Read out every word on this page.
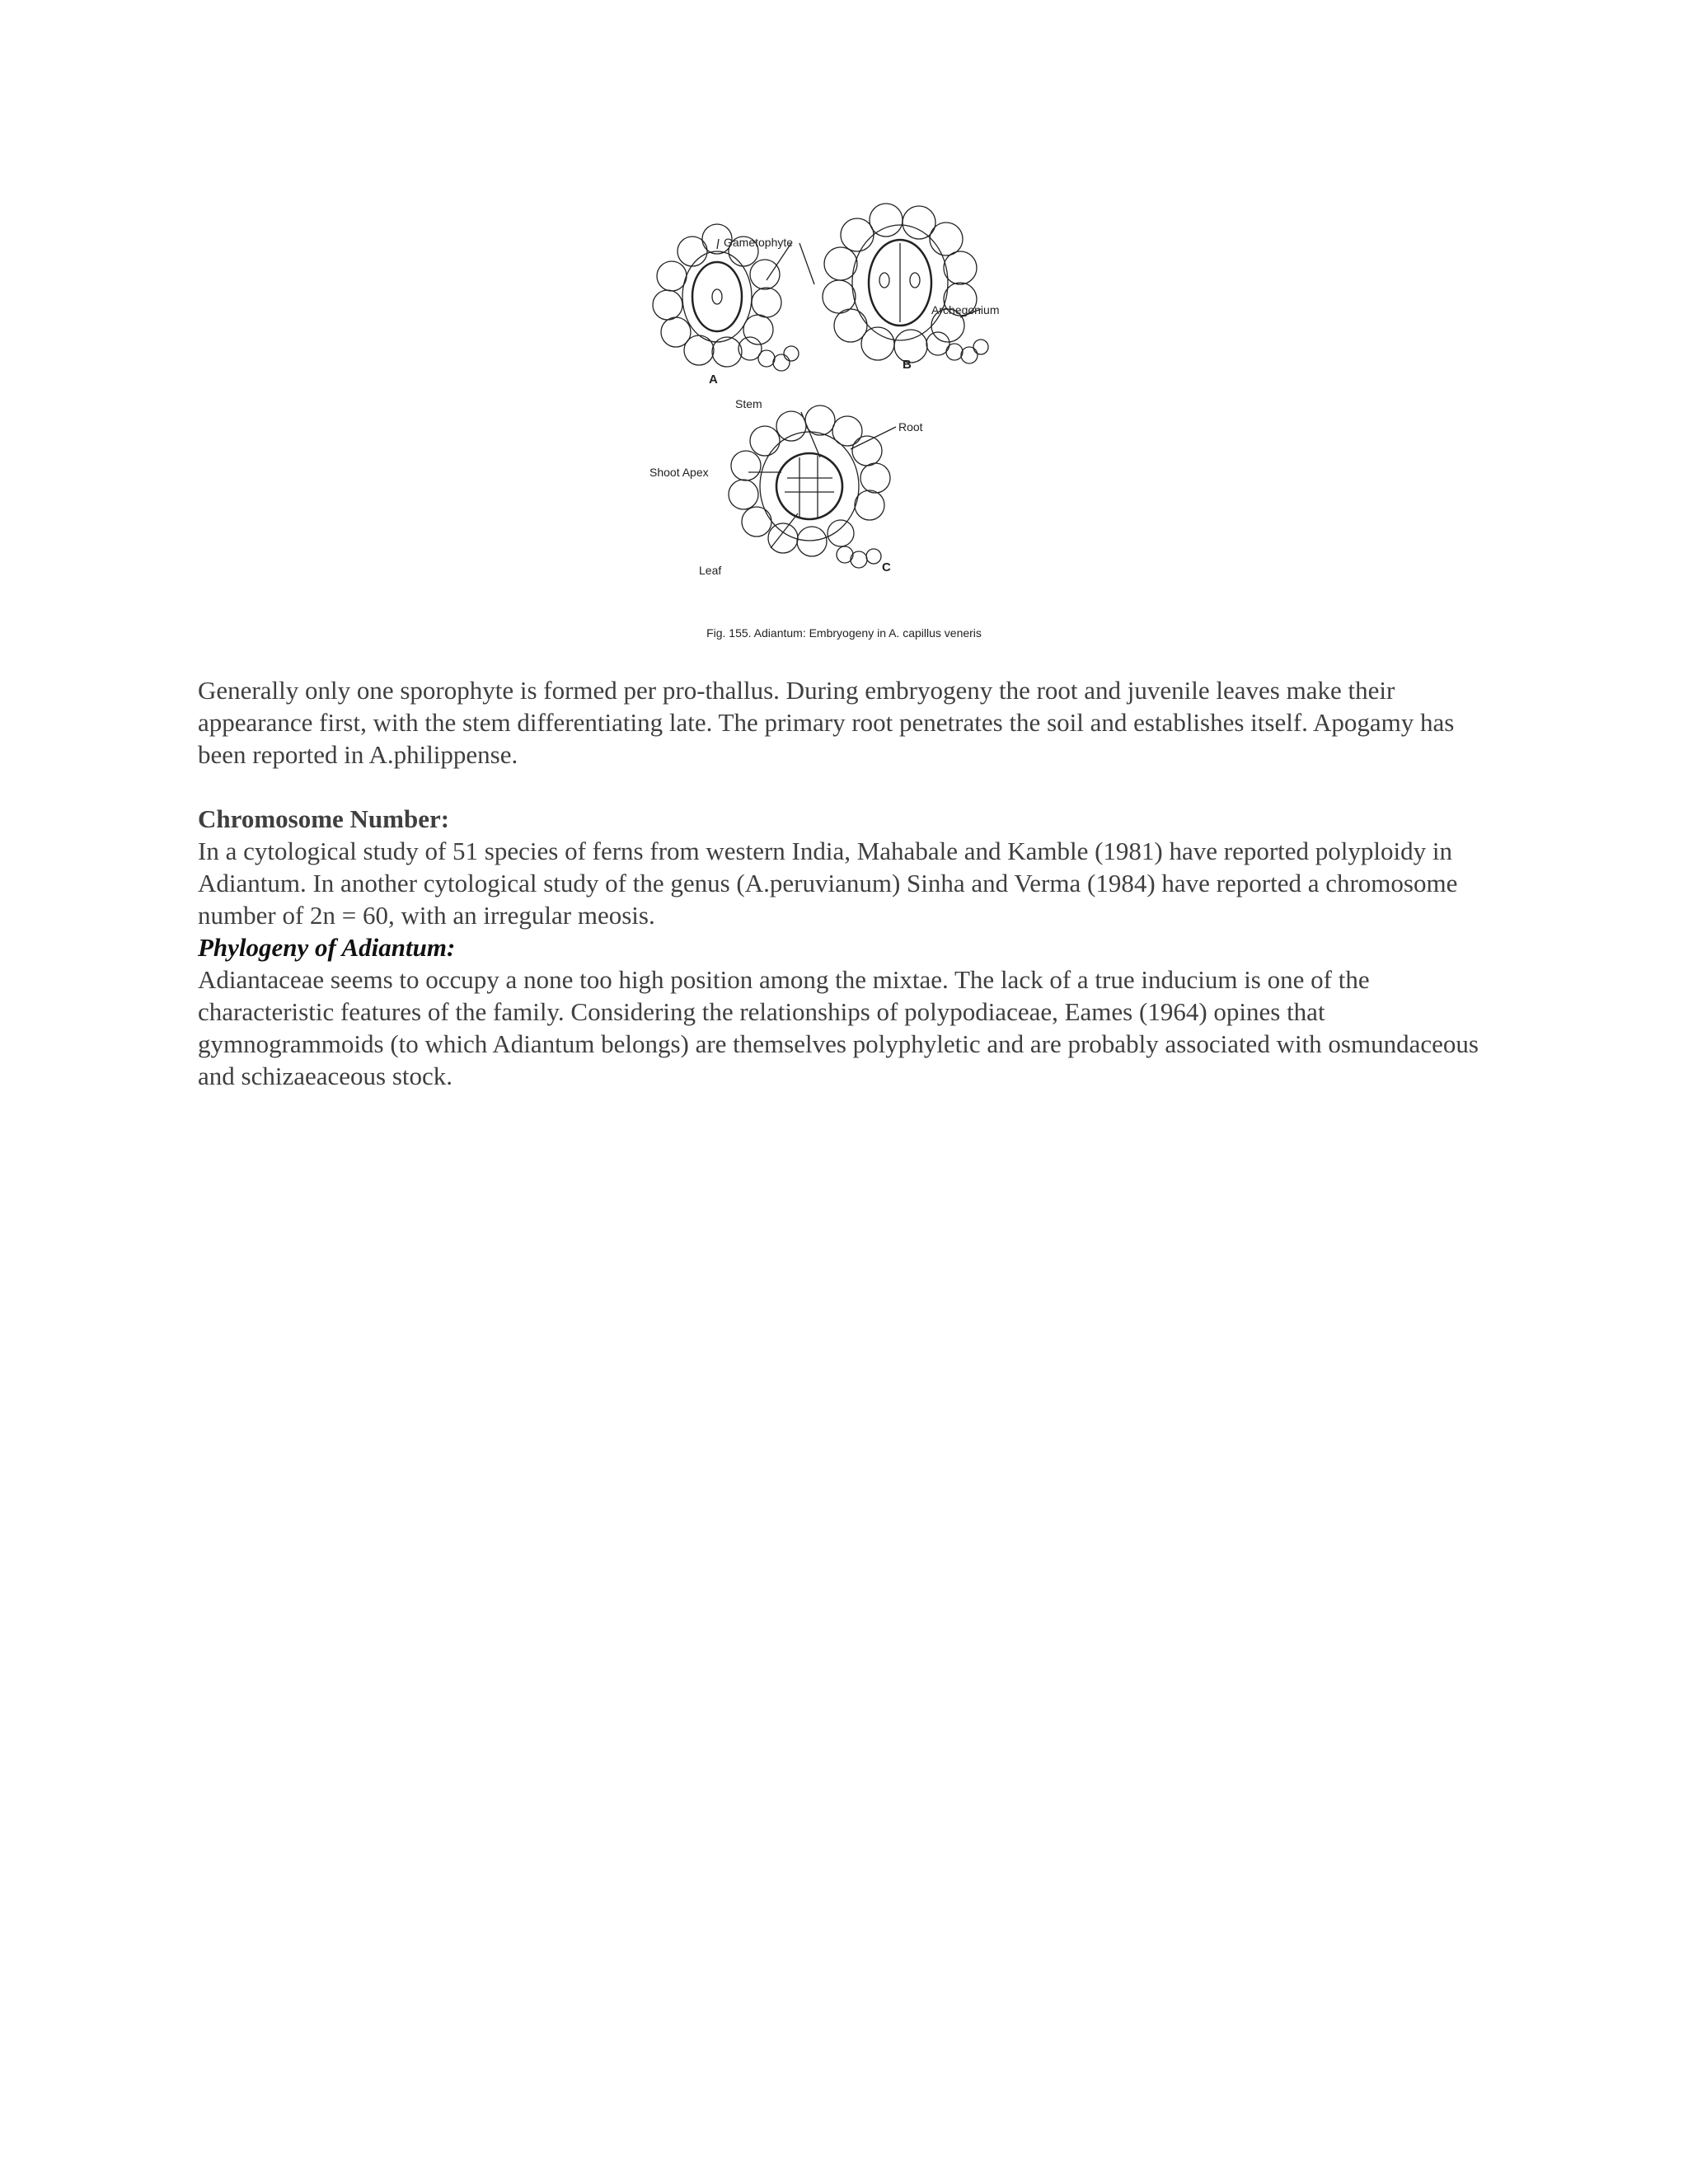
Gametophyte
Archegonium
A
B
Stem
Root
Shoot Apex
Leaf	C
Fig. 155. Adiantum: Embryogeny in A. capillus veneris

Generally only one sporophyte is formed per pro-thallus. During embryogeny the root and juvenile leaves make their appearance first, with the stem differentiating late. The primary root penetrates the soil and establishes itself. Apogamy has been reported in A.philippense.

Chromosome Number:

In a cytological study of 51 species of ferns from western India, Mahabale and Kamble (1981) have reported polyploidy in Adiantum. In another cytological study of the genus (A.peruvianum) Sinha and Verma (1984) have reported a chromosome number of 2n = 60, with an irregular meosis.

Phylogeny of Adiantum:

Adiantaceae seems to occupy a none too high position among the mixtae. The lack of a true inducium is one of the characteristic features of the family. Considering the relationships of polypodiaceae, Eames (1964) opines that gymnogrammoids (to which Adiantum belongs) are themselves polyphyletic and are probably associated with osmundaceous and schizaeaceous stock.
